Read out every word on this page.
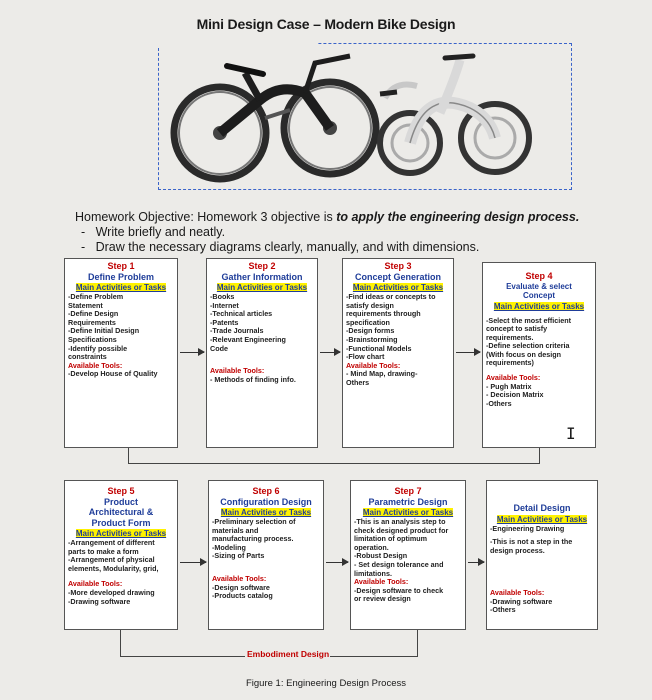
Mini Design Case – Modern Bike Design
Homework Objective: Homework 3 objective is to apply the engineering design process.
-   Write briefly and neatly.
-   Draw the necessary diagrams clearly, manually, and with dimensions.
Step 1
Define Problem
Main Activities or Tasks
-Define Problem
Statement
-Define Design
Requirements
-Define Initial Design
Specifications
-Identify possible
constraints
Available Tools:
-Develop House of Quality
Step 2
Gather Information
Main Activities or Tasks
-Books
-Internet
-Technical articles
-Patents
-Trade Journals
-Relevant Engineering
Code
Available Tools:
- Methods of finding info.
Step 3
Concept Generation
Main Activities or Tasks
-Find ideas or concepts to
satisfy design
requirements through
specification
-Design forms
-Brainstorming
-Functional Models
-Flow chart
Available Tools:
- Mind Map, drawing-
Others
Step 4
Evaluate & select Concept
Main Activities or Tasks
-Select the most efficient
concept to satisfy
requirements.
-Define selection criteria
(With focus on design
requirements)
Available Tools:
- Pugh Matrix
- Decision Matrix
-Others
I
Step 5
Product Architectural & Product Form
Main Activities or Tasks
-Arrangement of different
parts to make a form
-Arrangement of physical
elements, Modularity, grid,
Available Tools:
-More developed drawing
-Drawing software
Step 6
Configuration Design
Main Activities or Tasks
-Preliminary selection of
materials and
manufacturing process.
-Modeling
-Sizing of Parts
Available Tools:
-Design software
-Products catalog
Step 7
Parametric Design
Main Activities or Tasks
-This is an analysis step to
check designed product for
limitation of optimum
operation.
-Robust Design
- Set design tolerance and
limitations.
Available Tools:
-Design software to check
or review design
Detail Design
Main Activities or Tasks
-Engineering Drawing
-This is not a step in the
design process.
Available Tools:
-Drawing software
-Others
Embodiment Design
Figure 1: Engineering Design Process
